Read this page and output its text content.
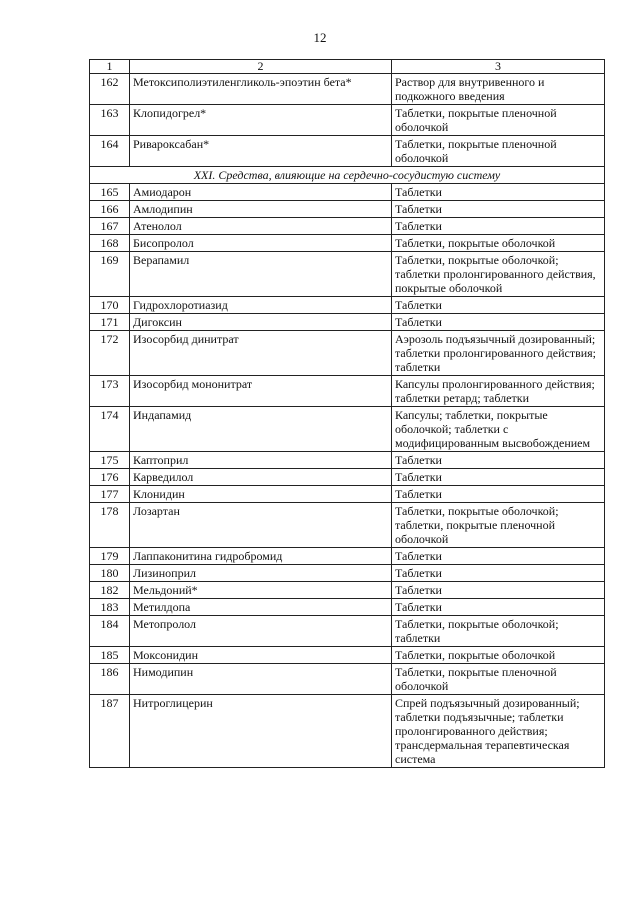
12
1	2	3
162	Метоксиполиэтиленгликоль-эпоэтин бета*	Раствор для внутривенного и подкожного введения
163	Клопидогрел*	Таблетки, покрытые пленочной оболочкой
164	Ривароксабан*	Таблетки, покрытые пленочной оболочкой
XXI. Средства, влияющие на сердечно-сосудистую систему		
165	Амиодарон	Таблетки
166	Амлодипин	Таблетки
167	Атенолол	Таблетки
168	Бисопролол	Таблетки, покрытые оболочкой
169	Верапамил	Таблетки, покрытые оболочкой; таблетки пролонгированного действия, покрытые оболочкой
170	Гидрохлоротиазид	Таблетки
171	Дигоксин	Таблетки
172	Изосорбид динитрат	Аэрозоль подъязычный дозированный; таблетки пролонгированного действия; таблетки
173	Изосорбид мононитрат	Капсулы пролонгированного действия; таблетки ретард; таблетки
174	Индапамид	Капсулы; таблетки, покрытые оболочкой; таблетки с модифицированным высвобождением
175	Каптоприл	Таблетки
176	Карведилол	Таблетки
177	Клонидин	Таблетки
178	Лозартан	Таблетки, покрытые оболочкой; таблетки, покрытые пленочной оболочкой
179	Лаппаконитина гидробромид	Таблетки
180	Лизиноприл	Таблетки
182	Мельдоний*	Таблетки
183	Метилдопа	Таблетки
184	Метопролол	Таблетки, покрытые оболочкой; таблетки
185	Моксонидин	Таблетки, покрытые оболочкой
186	Нимодипин	Таблетки, покрытые пленочной оболочкой
187	Нитроглицерин	Спрей подъязычный дозированный; таблетки подъязычные; таблетки пролонгированного действия; трансдермальная терапевтическая система
